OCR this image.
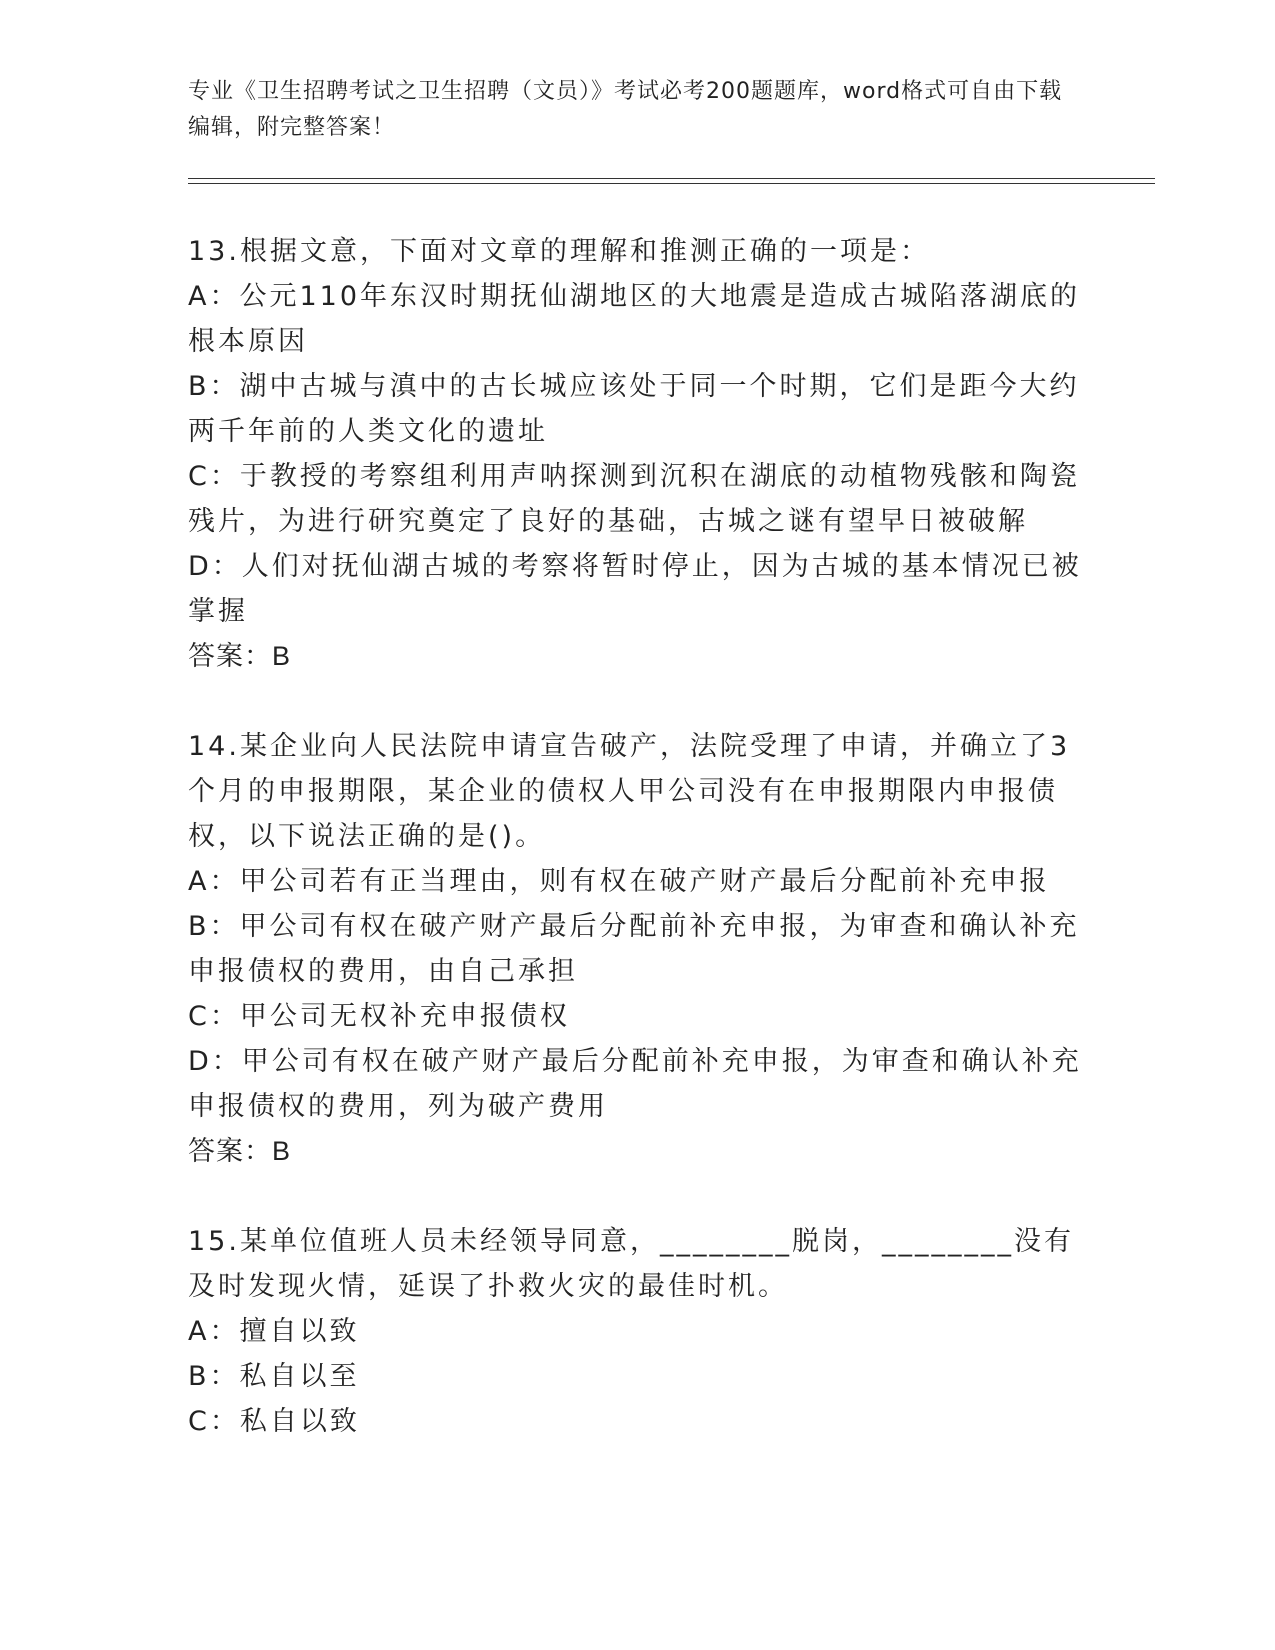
专业《卫生招聘考试之卫生招聘（文员）》考试必考200题题库，word格式可自由下载编辑，附完整答案！
13.根据文意，下面对文章的理解和推测正确的一项是：
A：公元110年东汉时期抚仙湖地区的大地震是造成古城陷落湖底的根本原因
B：湖中古城与滇中的古长城应该处于同一个时期，它们是距今大约两千年前的人类文化的遗址
C：于教授的考察组利用声呐探测到沉积在湖底的动植物残骸和陶瓷残片，为进行研究奠定了良好的基础，古城之谜有望早日被破解
D：人们对抚仙湖古城的考察将暂时停止，因为古城的基本情况已被掌握
答案：B
14.某企业向人民法院申请宣告破产，法院受理了申请，并确立了3个月的申报期限，某企业的债权人甲公司没有在申报期限内申报债权，以下说法正确的是()。
A：甲公司若有正当理由，则有权在破产财产最后分配前补充申报
B：甲公司有权在破产财产最后分配前补充申报，为审查和确认补充申报债权的费用，由自己承担
C：甲公司无权补充申报债权
D：甲公司有权在破产财产最后分配前补充申报，为审查和确认补充申报债权的费用，列为破产费用
答案：B
15.某单位值班人员未经领导同意，________脱岗，________没有及时发现火情，延误了扑救火灾的最佳时机。
A：擅自以致
B：私自以至
C：私自以致
